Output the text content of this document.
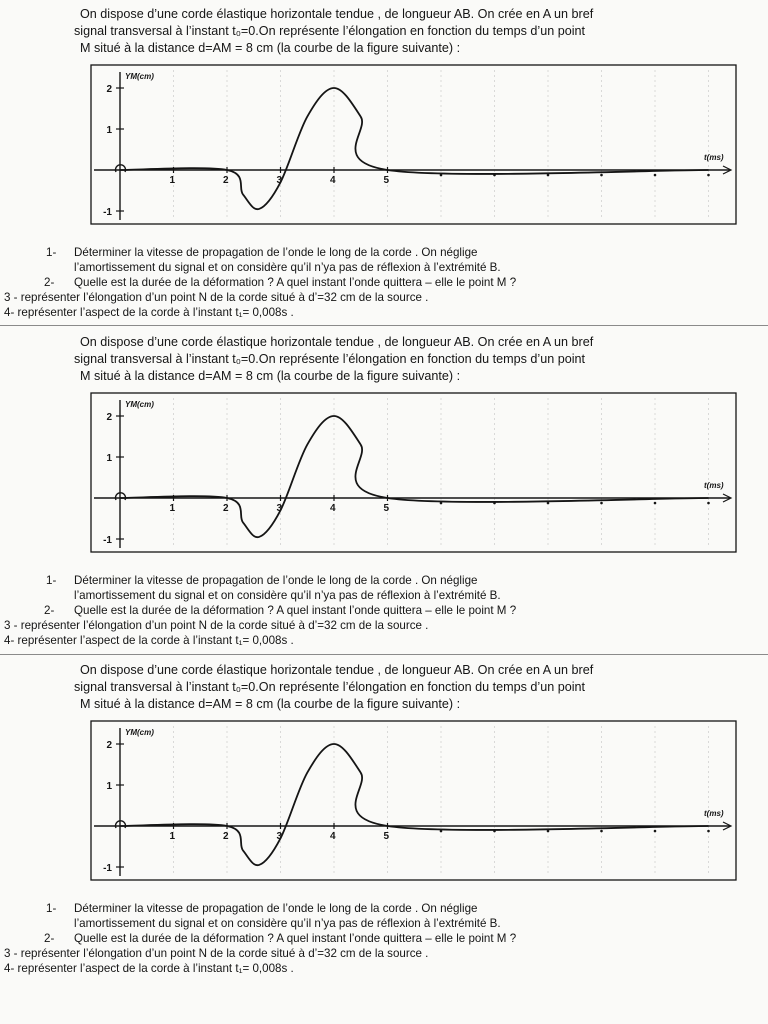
On dispose d’une corde élastique horizontale tendue , de longueur AB. On crée en A un bref
signal transversal à l’instant t₀=0.On représente l’élongation en fonction du temps d’un point
M situé à la distance d=AM = 8 cm (la courbe de la figure suivante) :
YM(cm)
t(ms)
2
1
-1
1	2	3	4	5
1- Déterminer la vitesse de propagation de l’onde le long de la corde . On néglige
l’amortissement du signal et on considère qu’il n’ya pas de réflexion à l’extrémité B.
2- Quelle est la durée de la déformation ? A quel instant l’onde quittera – elle le point M ?
3 - représenter l’élongation d’un point N de la corde situé à d’=32 cm de la source .
4- représenter l’aspect de la corde à l’instant t₁= 0,008s .
On dispose d’une corde élastique horizontale tendue , de longueur AB. On crée en A un bref
signal transversal à l’instant t₀=0.On représente l’élongation en fonction du temps d’un point
M situé à la distance d=AM = 8 cm (la courbe de la figure suivante) :
YM(cm)
t(ms)
2
1
-1
1	2	3	4	5
1- Déterminer la vitesse de propagation de l’onde le long de la corde . On néglige
l’amortissement du signal et on considère qu’il n’ya pas de réflexion à l’extrémité B.
2- Quelle est la durée de la déformation ? A quel instant l’onde quittera – elle le point M ?
3 - représenter l’élongation d’un point N de la corde situé à d’=32 cm de la source .
4- représenter l’aspect de la corde à l’instant t₁= 0,008s .
On dispose d’une corde élastique horizontale tendue , de longueur AB. On crée en A un bref
signal transversal à l’instant t₀=0.On représente l’élongation en fonction du temps d’un point
M situé à la distance d=AM = 8 cm (la courbe de la figure suivante) :
YM(cm)
t(ms)
2
1
-1
1	2	3	4	5
1- Déterminer la vitesse de propagation de l’onde le long de la corde . On néglige
l’amortissement du signal et on considère qu’il n’ya pas de réflexion à l’extrémité B.
2- Quelle est la durée de la déformation ? A quel instant l’onde quittera – elle le point M ?
3 - représenter l’élongation d’un point N de la corde situé à d’=32 cm de la source .
4- représenter l’aspect de la corde à l’instant t₁= 0,008s .
